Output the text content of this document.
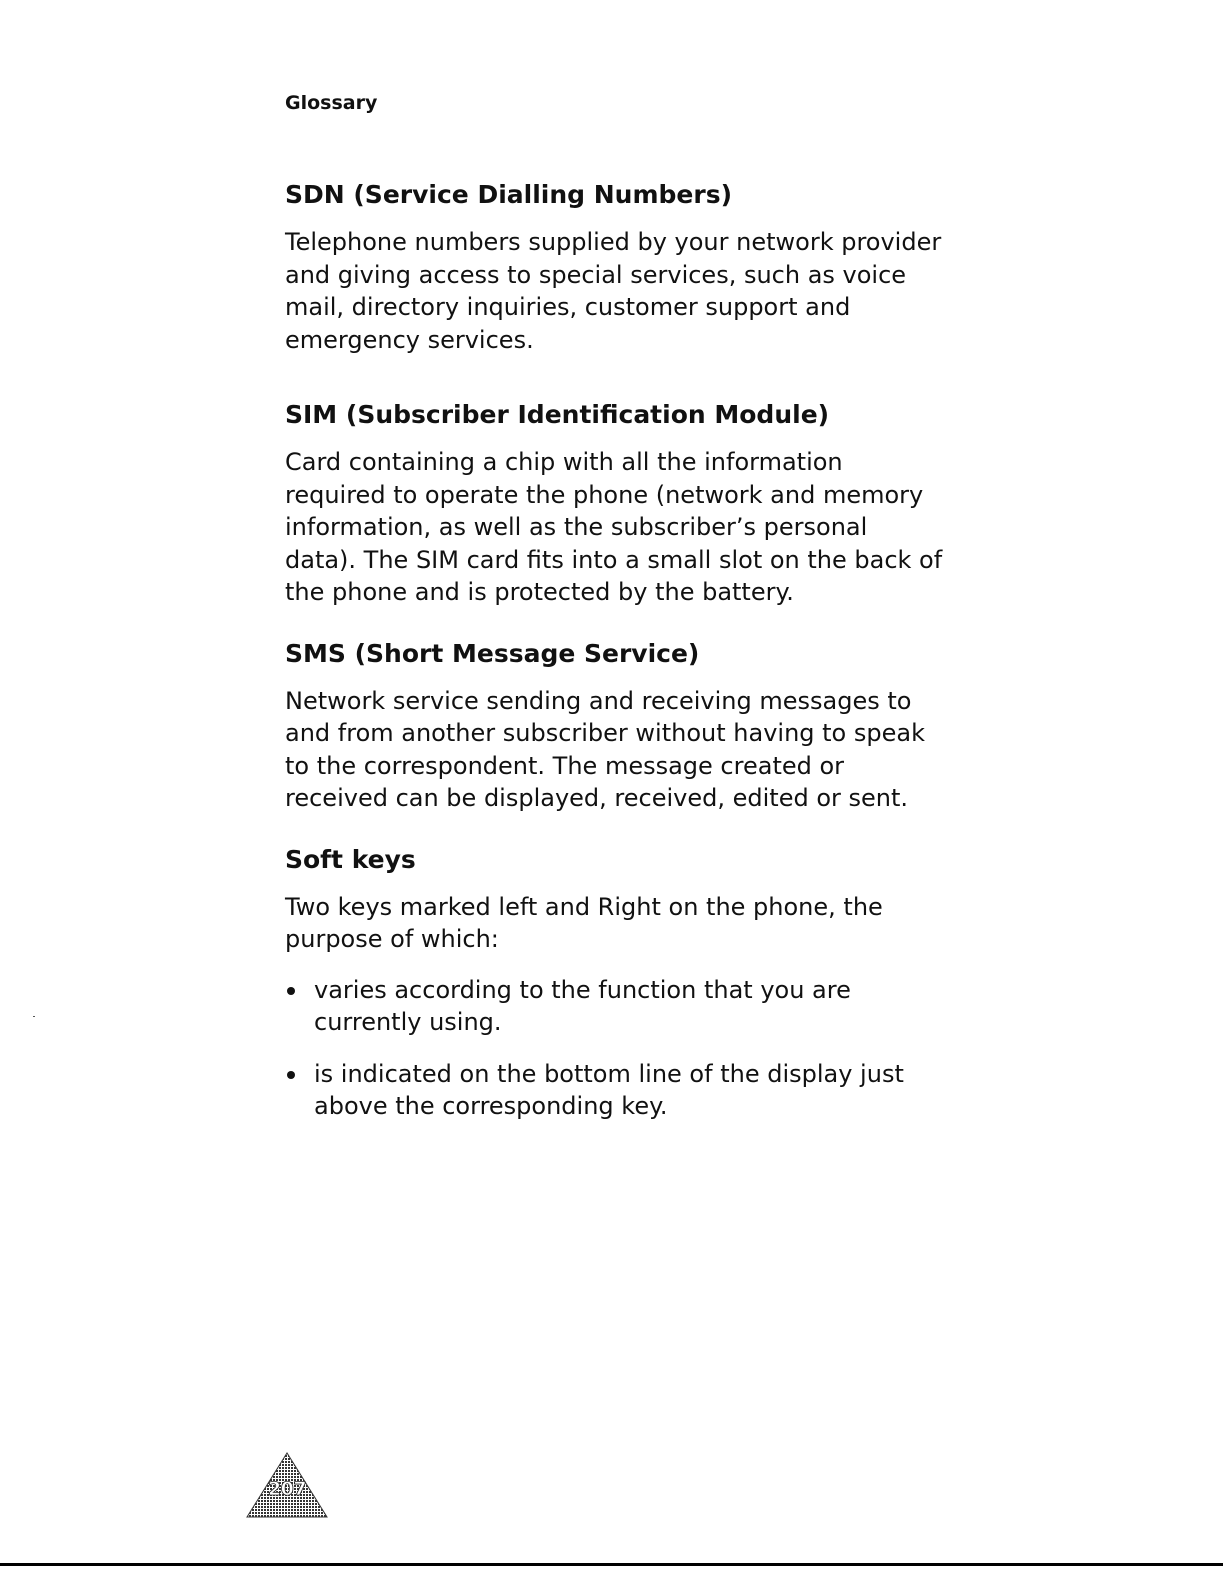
Glossary
SDN (Service Dialling Numbers)

Telephone numbers supplied by your network provider and giving access to special services, such as voice mail, directory inquiries, customer support and emergency services.

SIM (Subscriber Identification Module)

Card containing a chip with all the information required to operate the phone (network and memory information, as well as the subscriber’s personal data). The SIM card fits into a small slot on the back of the phone and is protected by the battery.

SMS (Short Message Service)

Network service sending and receiving messages to and from another subscriber without having to speak to the correspondent. The message created or received can be displayed, received, edited or sent.

Soft keys

Two keys marked left and Right on the phone, the purpose of which:

varies according to the function that you are currently using.
is indicated on the bottom line of the display just above the corresponding key.
207
